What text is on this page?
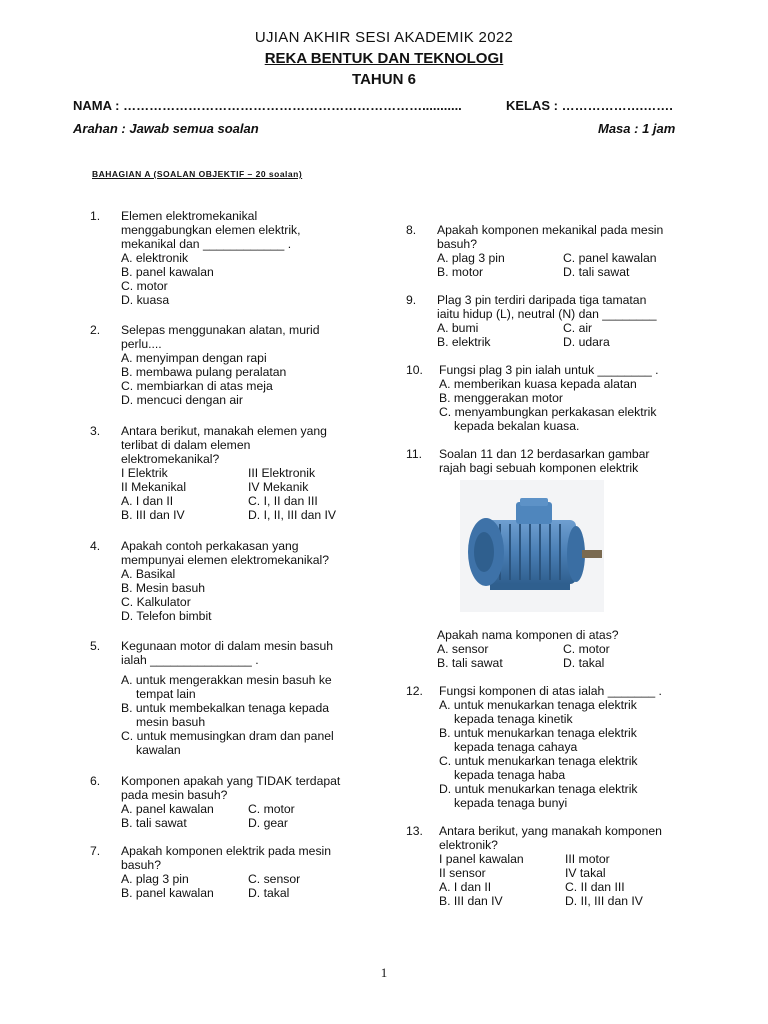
UJIAN AKHIR SESI AKADEMIK 2022
REKA BENTUK DAN TEKNOLOGI
TAHUN 6
NAMA : ……………………………………………………………...........	KELAS : ……………….…….
Arahan : Jawab semua soalan	Masa : 1 jam
BAHAGIAN A (SOALAN OBJEKTIF – 20 soalan)
1. Elemen elektromekanikal menggabungkan elemen elektrik, mekanikal dan ____________ .
A. elektronik
B. panel kawalan
C. motor
D. kuasa
2. Selepas menggunakan alatan, murid perlu....
A. menyimpan dengan rapi
B. membawa pulang peralatan
C. membiarkan di atas meja
D. mencuci dengan air
3. Antara berikut, manakah elemen yang terlibat di dalam elemen elektromekanikal?
I Elektrik	III Elektronik
II Mekanikal	IV Mekanik
A. I dan II	C. I, II dan III
B. III dan IV	D. I, II, III dan IV
4. Apakah contoh perkakasan yang mempunyai elemen elektromekanikal?
A. Basikal
B. Mesin basuh
C. Kalkulator
D. Telefon bimbit
5. Kegunaan motor di dalam mesin basuh ialah _______________ .
A. untuk mengerakkan mesin basuh ke tempat lain
B. untuk membekalkan tenaga kepada mesin basuh
C. untuk memusingkan dram dan panel kawalan
6. Komponen apakah yang TIDAK terdapat pada mesin basuh?
A. panel kawalan	C. motor
B. tali sawat	D. gear
7. Apakah komponen elektrik pada mesin basuh?
A. plag 3 pin	C. sensor
B. panel kawalan	D. takal
8. Apakah komponen mekanikal pada mesin basuh?
A. plag 3 pin	C. panel kawalan
B. motor	D. tali sawat
9. Plag 3 pin terdiri daripada tiga tamatan iaitu hidup (L), neutral (N) dan ________
A. bumi	C. air
B. elektrik	D. udara
10. Fungsi plag 3 pin ialah untuk ________ .
A. memberikan kuasa kepada alatan
B. menggerakan motor
C. menyambungkan perkakasan elektrik kepada bekalan kuasa.
11. Soalan 11 dan 12 berdasarkan gambar rajah bagi sebuah komponen elektrik
Apakah nama komponen di atas?
A. sensor	C. motor
B. tali sawat	D. takal
12. Fungsi komponen di atas ialah _______ .
A. untuk menukarkan tenaga elektrik kepada tenaga kinetik
B. untuk menukarkan tenaga elektrik kepada tenaga cahaya
C. untuk menukarkan tenaga elektrik kepada tenaga haba
D. untuk menukarkan tenaga elektrik kepada tenaga bunyi
13. Antara berikut, yang manakah komponen elektronik?
I panel kawalan	III motor
II sensor	IV takal
A. I dan II	C. II dan III
B. III dan IV	D. II, III dan IV
1
